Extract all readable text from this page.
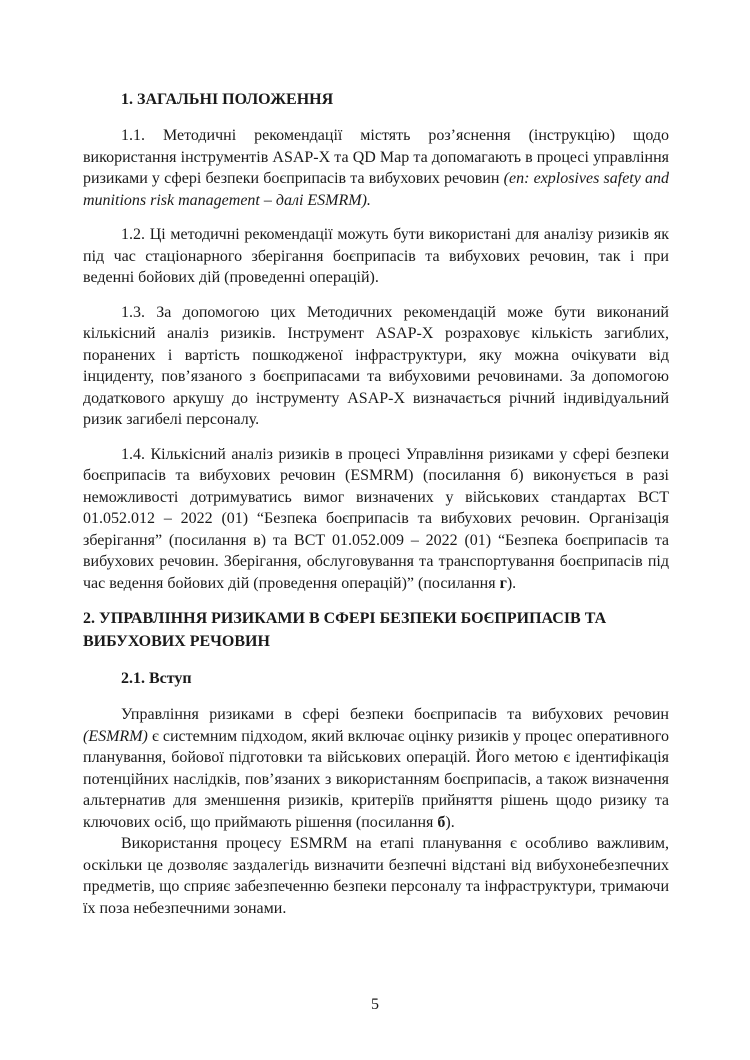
1. ЗАГАЛЬНІ ПОЛОЖЕННЯ

1.1. Методичні рекомендації містять роз’яснення (інструкцію) щодо використання інструментів ASAP-X та QD Map та допомагають в процесі управління ризиками у сфері безпеки боєприпасів та вибухових речовин (en: explosives safety and munitions risk management – далі ESMRM).

1.2. Ці методичні рекомендації можуть бути використані для аналізу ризиків як під час стаціонарного зберігання боєприпасів та вибухових речовин, так і при веденні бойових дій (проведенні операцій).

1.3. За допомогою цих Методичних рекомендацій може бути виконаний кількісний аналіз ризиків. Інструмент ASAP-X розраховує кількість загиблих, поранених і вартість пошкодженої інфраструктури, яку можна очікувати від інциденту, пов’язаного з боєприпасами та вибуховими речовинами. За допомогою додаткового аркушу до інструменту ASAP-X визначається річний індивідуальний ризик загибелі персоналу.

1.4. Кількісний аналіз ризиків в процесі Управління ризиками у сфері безпеки боєприпасів та вибухових речовин (ESMRM) (посилання б) виконується в разі неможливості дотримуватись вимог визначених у військових стандартах ВСТ 01.052.012 – 2022 (01) “Безпека боєприпасів та вибухових речовин. Організація зберігання” (посилання в) та ВСТ 01.052.009 – 2022 (01) “Безпека боєприпасів та вибухових речовин. Зберігання, обслуговування та транспортування боєприпасів під час ведення бойових дій (проведення операцій)” (посилання г).

2. УПРАВЛІННЯ РИЗИКАМИ В СФЕРІ БЕЗПЕКИ БОЄПРИПАСІВ ТА ВИБУХОВИХ РЕЧОВИН
2.1. Вступ

Управління ризиками в сфері безпеки боєприпасів та вибухових речовин (ESMRM) є системним підходом, який включає оцінку ризиків у процес оперативного планування, бойової підготовки та військових операцій. Його метою є ідентифікація потенційних наслідків, пов’язаних з використанням боєприпасів, а також визначення альтернатив для зменшення ризиків, критеріїв прийняття рішень щодо ризику та ключових осіб, що приймають рішення (посилання б).

Використання процесу ESMRM на етапі планування є особливо важливим, оскільки це дозволяє заздалегідь визначити безпечні відстані від вибухонебезпечних предметів, що сприяє забезпеченню безпеки персоналу та інфраструктури, тримаючи їх поза небезпечними зонами.

5
